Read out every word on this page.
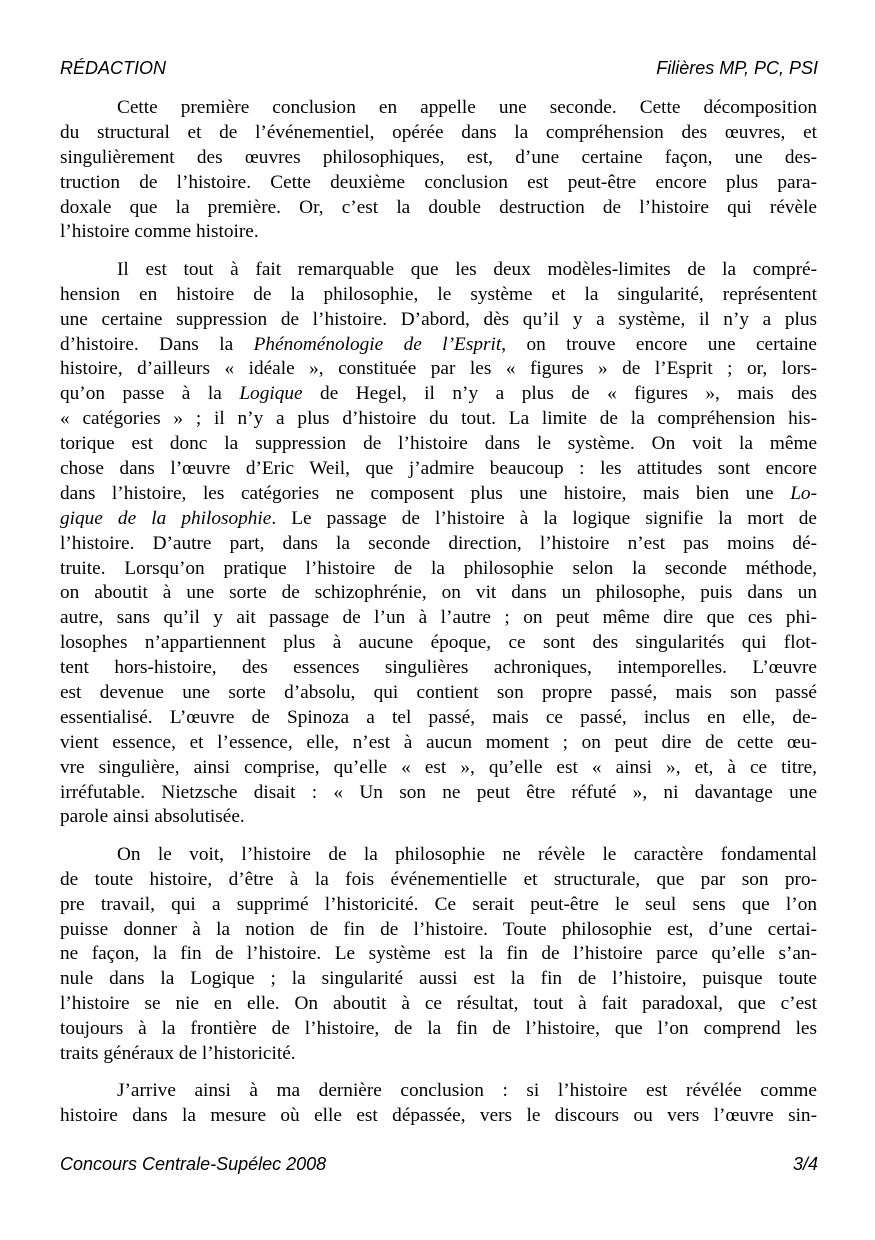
RÉDACTION	Filières MP, PC, PSI
Cette première conclusion en appelle une seconde. Cette décomposition
du structural et de l’événementiel, opérée dans la compréhension des œuvres, et
singulièrement des œuvres philosophiques, est, d’une certaine façon, une des-
truction de l’histoire. Cette deuxième conclusion est peut-être encore plus para-
doxale que la première. Or, c’est la double destruction de l’histoire qui révèle
l’histoire comme histoire.
Il est tout à fait remarquable que les deux modèles-limites de la compré-
hension en histoire de la philosophie, le système et la singularité, représentent
une certaine suppression de l’histoire. D’abord, dès qu’il y a système, il n’y a plus
d’histoire. Dans la Phénoménologie de l’Esprit, on trouve encore une certaine
histoire, d’ailleurs « idéale », constituée par les « figures » de l’Esprit ; or, lors-
qu’on passe à la Logique de Hegel, il n’y a plus de « figures », mais des
« catégories » ; il n’y a plus d’histoire du tout. La limite de la compréhension his-
torique est donc la suppression de l’histoire dans le système. On voit la même
chose dans l’œuvre d’Eric Weil, que j’admire beaucoup : les attitudes sont encore
dans l’histoire, les catégories ne composent plus une histoire, mais bien une Lo-
gique de la philosophie. Le passage de l’histoire à la logique signifie la mort de
l’histoire. D’autre part, dans la seconde direction, l’histoire n’est pas moins dé-
truite. Lorsqu’on pratique l’histoire de la philosophie selon la seconde méthode,
on aboutit à une sorte de schizophrénie, on vit dans un philosophe, puis dans un
autre, sans qu’il y ait passage de l’un à l’autre ; on peut même dire que ces phi-
losophes n’appartiennent plus à aucune époque, ce sont des singularités qui flot-
tent hors-histoire, des essences singulières achroniques, intemporelles. L’œuvre
est devenue une sorte d’absolu, qui contient son propre passé, mais son passé
essentialisé. L’œuvre de Spinoza a tel passé, mais ce passé, inclus en elle, de-
vient essence, et l’essence, elle, n’est à aucun moment ; on peut dire de cette œu-
vre singulière, ainsi comprise, qu’elle « est », qu’elle est « ainsi », et, à ce titre,
irréfutable. Nietzsche disait : « Un son ne peut être réfuté », ni davantage une
parole ainsi absolutisée.
On le voit, l’histoire de la philosophie ne révèle le caractère fondamental
de toute histoire, d’être à la fois événementielle et structurale, que par son pro-
pre travail, qui a supprimé l’historicité. Ce serait peut-être le seul sens que l’on
puisse donner à la notion de fin de l’histoire. Toute philosophie est, d’une certai-
ne façon, la fin de l’histoire. Le système est la fin de l’histoire parce qu’elle s’an-
nule dans la Logique ; la singularité aussi est la fin de l’histoire, puisque toute
l’histoire se nie en elle. On aboutit à ce résultat, tout à fait paradoxal, que c’est
toujours à la frontière de l’histoire, de la fin de l’histoire, que l’on comprend les
traits généraux de l’historicité.
J’arrive ainsi à ma dernière conclusion : si l’histoire est révélée comme
histoire dans la mesure où elle est dépassée, vers le discours ou vers l’œuvre sin-
Concours Centrale-Supélec 2008	3/4
